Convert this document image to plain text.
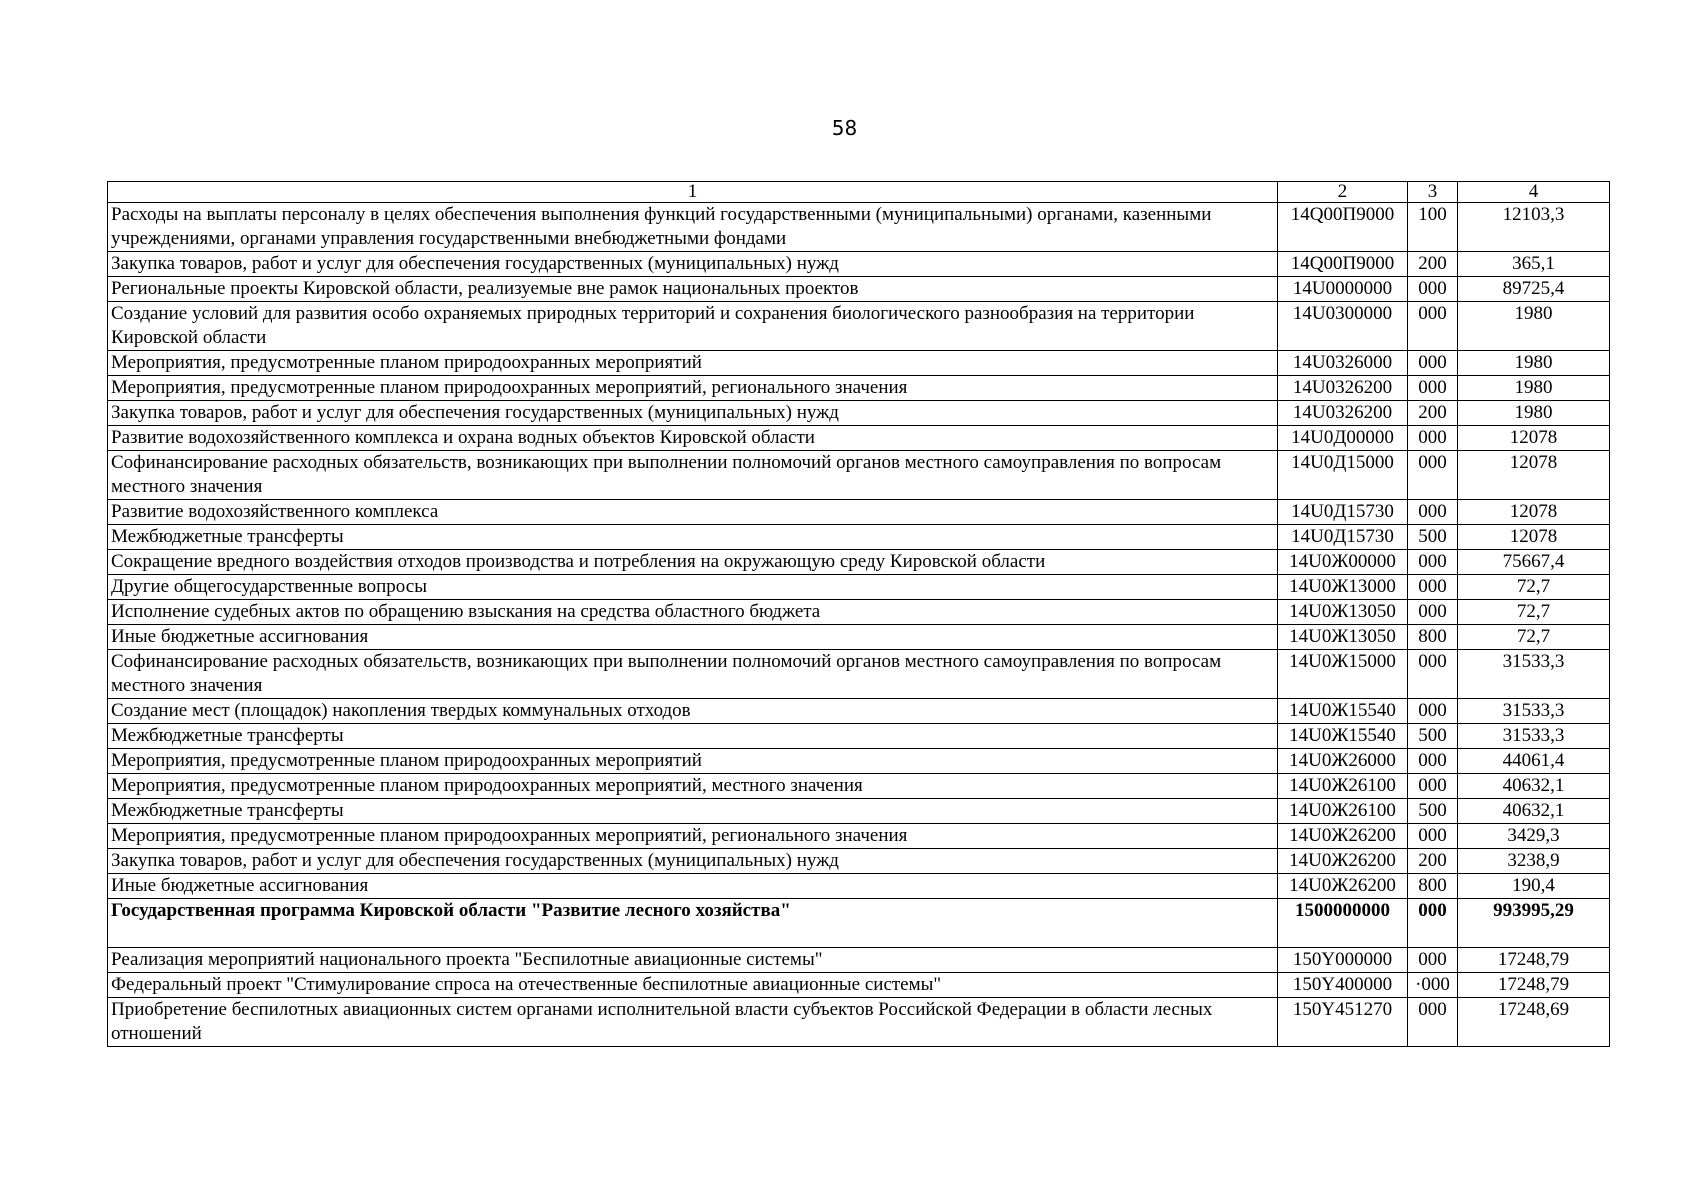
58
1	2	3	4
Расходы на выплаты персоналу в целях обеспечения выполнения функций государственными (муниципальными) органами, казенными учреждениями, органами управления государственными внебюджетными фондами	14Q00П9000	100	12103,3
Закупка товаров, работ и услуг для обеспечения государственных (муниципальных) нужд	14Q00П9000	200	365,1
Региональные проекты Кировской области, реализуемые вне рамок национальных проектов	14U0000000	000	89725,4
Создание условий для развития особо охраняемых природных территорий и сохранения биологического разнообразия на территории Кировской области	14U0300000	000	1980
Мероприятия, предусмотренные планом природоохранных мероприятий	14U0326000	000	1980
Мероприятия, предусмотренные планом природоохранных мероприятий, регионального значения	14U0326200	000	1980
Закупка товаров, работ и услуг для обеспечения государственных (муниципальных) нужд	14U0326200	200	1980
Развитие водохозяйственного комплекса и охрана водных объектов Кировской области	14U0Д00000	000	12078
Софинансирование расходных обязательств, возникающих при выполнении полномочий органов местного самоуправления по вопросам местного значения	14U0Д15000	000	12078
Развитие водохозяйственного комплекса	14U0Д15730	000	12078
Межбюджетные трансферты	14U0Д15730	500	12078
Сокращение вредного воздействия отходов производства и потребления на окружающую среду Кировской области	14U0Ж00000	000	75667,4
Другие общегосударственные вопросы	14U0Ж13000	000	72,7
Исполнение судебных актов по обращению взыскания на средства областного бюджета	14U0Ж13050	000	72,7
Иные бюджетные ассигнования	14U0Ж13050	800	72,7
Софинансирование расходных обязательств, возникающих при выполнении полномочий органов местного самоуправления по вопросам местного значения	14U0Ж15000	000	31533,3
Создание мест (площадок) накопления твердых коммунальных отходов	14U0Ж15540	000	31533,3
Межбюджетные трансферты	14U0Ж15540	500	31533,3
Мероприятия, предусмотренные планом природоохранных мероприятий	14U0Ж26000	000	44061,4
Мероприятия, предусмотренные планом природоохранных мероприятий, местного значения	14U0Ж26100	000	40632,1
Межбюджетные трансферты	14U0Ж26100	500	40632,1
Мероприятия, предусмотренные планом природоохранных мероприятий, регионального значения	14U0Ж26200	000	3429,3
Закупка товаров, работ и услуг для обеспечения государственных (муниципальных) нужд	14U0Ж26200	200	3238,9
Иные бюджетные ассигнования	14U0Ж26200	800	190,4
Государственная программа Кировской области "Развитие лесного хозяйства"	1500000000	000	993995,29
Реализация мероприятий национального проекта "Беспилотные авиационные системы"	150Y000000	000	17248,79
Федеральный проект "Стимулирование спроса на отечественные беспилотные авиационные системы"	150Y400000	·000	17248,79
Приобретение беспилотных авиационных систем органами исполнительной власти субъектов Российской Федерации в области лесных отношений	150Y451270	000	17248,69
